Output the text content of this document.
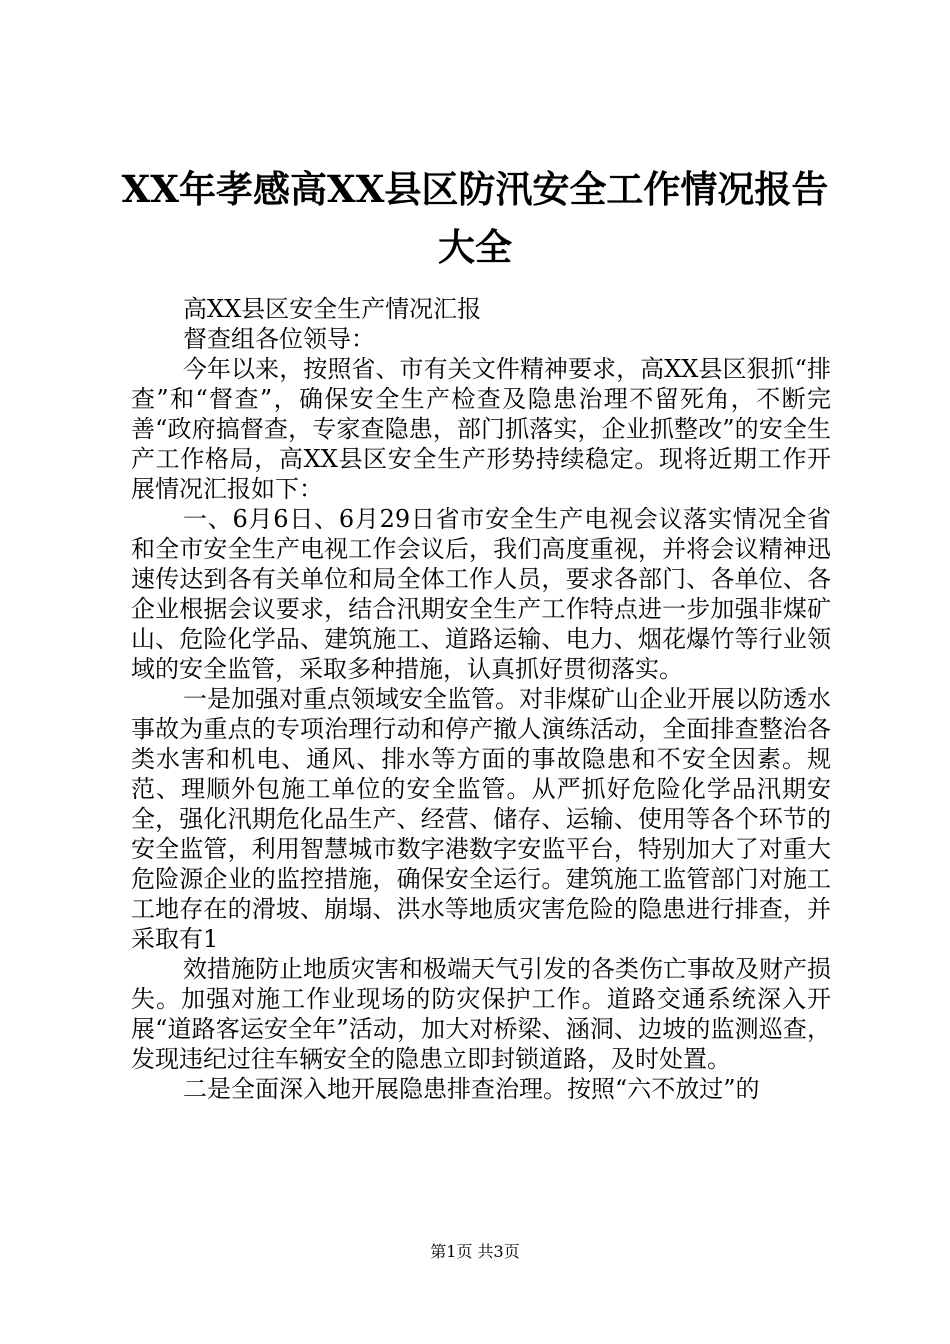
XX年孝感高XX县区防汛安全工作情况报告大全

高XX县区安全生产情况汇报

督查组各位领导：

今年以来，按照省、市有关文件精神要求，高XX县区狠抓“排查”和“督查”，确保安全生产检查及隐患治理不留死角，不断完善“政府搞督查，专家查隐患，部门抓落实，企业抓整改”的安全生产工作格局，高XX县区安全生产形势持续稳定。现将近期工作开展情况汇报如下：

一、6月6日、6月29日省市安全生产电视会议落实情况全省和全市安全生产电视工作会议后，我们高度重视，并将会议精神迅速传达到各有关单位和局全体工作人员，要求各部门、各单位、各企业根据会议要求，结合汛期安全生产工作特点进一步加强非煤矿山、危险化学品、建筑施工、道路运输、电力、烟花爆竹等行业领域的安全监管，采取多种措施，认真抓好贯彻落实。

一是加强对重点领域安全监管。对非煤矿山企业开展以防透水事故为重点的专项治理行动和停产撤人演练活动，全面排查整治各类水害和机电、通风、排水等方面的事故隐患和不安全因素。规范、理顺外包施工单位的安全监管。从严抓好危险化学品汛期安全，强化汛期危化品生产、经营、储存、运输、使用等各个环节的安全监管，利用智慧城市数字港数字安监平台，特别加大了对重大危险源企业的监控措施，确保安全运行。建筑施工监管部门对施工工地存在的滑坡、崩塌、洪水等地质灾害危险的隐患进行排查，并采取有1

效措施防止地质灾害和极端天气引发的各类伤亡事故及财产损失。加强对施工作业现场的防灾保护工作。道路交通系统深入开展“道路客运安全年”活动，加大对桥梁、涵洞、边坡的监测巡查，发现违纪过往车辆安全的隐患立即封锁道路，及时处置。

二是全面深入地开展隐患排查治理。按照“六不放过”的

第1页 共3页
